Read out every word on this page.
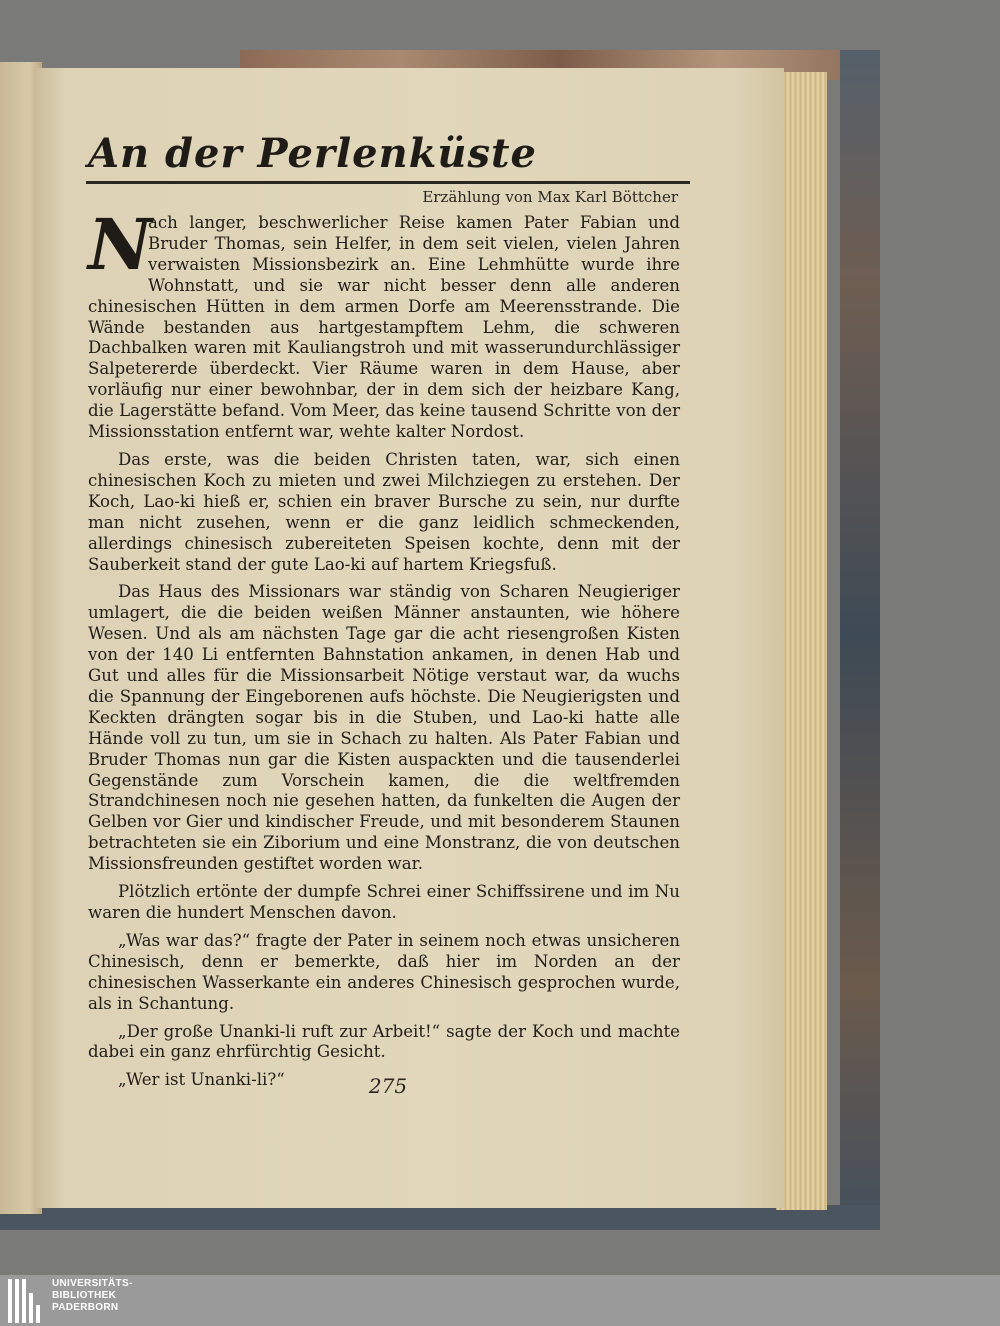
An der Perlenküste
Erzählung von Max Karl Böttcher

N
ach langer, beschwerlicher Reise kamen Pater Fabian und Bruder Thomas, sein Helfer, in dem seit vielen, vielen Jahren verwaisten Missionsbezirk an. Eine Lehmhütte wurde ihre Wohnstatt, und sie war nicht besser denn alle anderen chinesischen Hütten in dem armen Dorfe am Meerensstrande. Die Wände bestanden aus hartgestampftem Lehm, die schweren Dachbalken waren mit Kauliangstroh und mit wasserundurchlässiger Salpetererde überdeckt. Vier Räume waren in dem Hause, aber vorläufig nur einer bewohnbar, der in dem sich der heizbare Kang, die Lagerstätte befand. Vom Meer, das keine tausend Schritte von der Missionsstation entfernt war, wehte kalter Nordost.

Das erste, was die beiden Christen taten, war, sich einen chinesischen Koch zu mieten und zwei Milchziegen zu erstehen. Der Koch, Lao-ki hieß er, schien ein braver Bursche zu sein, nur durfte man nicht zusehen, wenn er die ganz leidlich schmeckenden, allerdings chinesisch zubereiteten Speisen kochte, denn mit der Sauberkeit stand der gute Lao-ki auf hartem Kriegsfuß.

Das Haus des Missionars war ständig von Scharen Neugieriger umlagert, die die beiden weißen Männer anstaunten, wie höhere Wesen. Und als am nächsten Tage gar die acht riesengroßen Kisten von der 140 Li entfernten Bahnstation ankamen, in denen Hab und Gut und alles für die Missionsarbeit Nötige verstaut war, da wuchs die Spannung der Eingeborenen aufs höchste. Die Neugierigsten und Keckten drängten sogar bis in die Stuben, und Lao-ki hatte alle Hände voll zu tun, um sie in Schach zu halten. Als Pater Fabian und Bruder Thomas nun gar die Kisten auspackten und die tausenderlei Gegenstände zum Vorschein kamen, die die weltfremden Strandchinesen noch nie gesehen hatten, da funkelten die Augen der Gelben vor Gier und kindischer Freude, und mit besonderem Staunen betrachteten sie ein Ziborium und eine Monstranz, die von deutschen Missionsfreunden gestiftet worden war.

Plötzlich ertönte der dumpfe Schrei einer Schiffssirene und im Nu waren die hundert Menschen davon.

„Was war das?“ fragte der Pater in seinem noch etwas unsicheren Chinesisch, denn er bemerkte, daß hier im Norden an der chinesischen Wasserkante ein anderes Chinesisch gesprochen wurde, als in Schantung.

„Der große Unanki-li ruft zur Arbeit!“ sagte der Koch und machte dabei ein ganz ehrfürchtig Gesicht.

„Wer ist Unanki-li?“	275
UNIVERSITÄTS-
BIBLIOTHEK
PADERBORN
